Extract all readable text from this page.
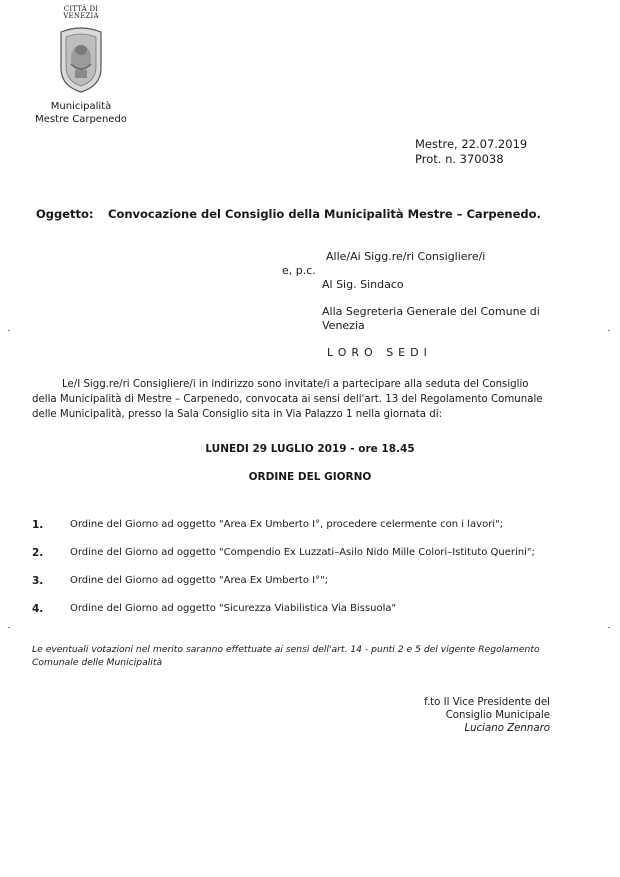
CITTÀ DI
VENEZIA
Municipalità
Mestre Carpenedo
Mestre, 22.07.2019
Prot. n. 370038
Oggetto: Convocazione del Consiglio della Municipalità Mestre – Carpenedo.
Alle/Ai Sigg.re/ri Consigliere/i
e, p.c.
Al Sig. Sindaco
Alla Segreteria Generale del Comune di
Venezia
LORO SEDI
Le/I Sigg.re/ri Consigliere/i in indirizzo sono invitate/i a partecipare alla seduta del Consiglio
della Municipalità di Mestre – Carpenedo, convocata ai sensi dell'art. 13 del Regolamento Comunale
delle Municipalità, presso la Sala Consiglio sita in Via Palazzo 1 nella giornata di:
LUNEDI 29 LUGLIO 2019 - ore 18.45
ORDINE DEL GIORNO
1.	Ordine del Giorno ad oggetto "Area Ex Umberto I°, procedere celermente con i lavori";
2.	Ordine del Giorno ad oggetto "Compendio Ex Luzzati–Asilo Nido Mille Colori–Istituto Querini";
3.	Ordine del Giorno ad oggetto "Area Ex Umberto I°";
4.	Ordine del Giorno ad oggetto "Sicurezza Viabilistica Via Bissuola"
Le eventuali votazioni nel merito saranno effettuate ai sensi dell'art. 14 - punti 2 e 5 del vigente Regolamento
Comunale delle Municipalità
f.to Il Vice Presidente del
Consiglio Municipale
Luciano Zennaro
